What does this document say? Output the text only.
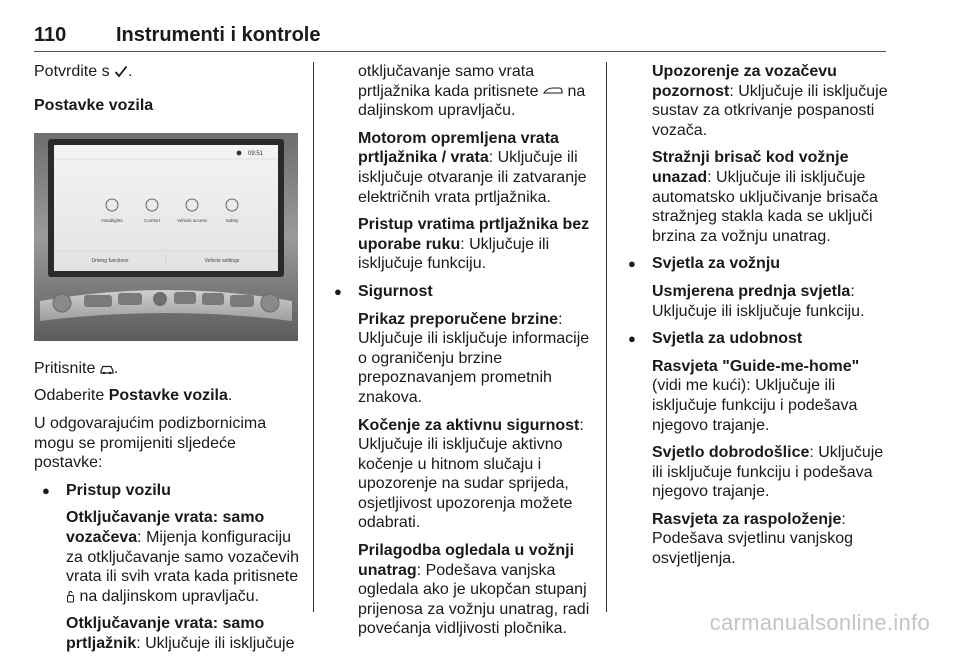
110 Instrumenti i kontrole

Potvrdite s .

Postavke vozila

09:51
Headlights	Comfort	Vehicle access	Safety
Driving functions	Vehicle settings

Pritisnite .

Odaberite Postavke vozila.

U odgovarajućim podizbornicima mogu se promijeniti sljedeće postavke:

● Pristup vozilu

Otključavanje vrata: samo vozačeva: Mijenja konfiguraciju za otključavanje samo vozačevih vrata ili svih vrata kada pritisnete  na daljinskom upravljaču.

Otključavanje vrata: samo prtljažnik: Uključuje ili isključuje

otključavanje samo vrata prtljažnika kada pritisnete na daljinskom upravljaču.

Motorom opremljena vrata prtljažnika / vrata: Uključuje ili isključuje otvaranje ili zatvaranje električnih vrata prtljažnika.

Pristup vratima prtljažnika bez uporabe ruku: Uključuje ili isključuje funkciju.

● Sigurnost

Prikaz preporučene brzine: Uključuje ili isključuje informacije o ograničenju brzine prepoznavanjem prometnih znakova.

Kočenje za aktivnu sigurnost: Uključuje ili isključuje aktivno kočenje u hitnom slučaju i upozorenje na sudar sprijeda, osjetljivost upozorenja možete odabrati.

Prilagodba ogledala u vožnji unatrag: Podešava vanjska ogledala ako je ukopčan stupanj prijenosa za vožnju unatrag, radi povećanja vidljivosti pločnika.

Upozorenje za vozačevu pozornost: Uključuje ili isključuje sustav za otkrivanje pospanosti vozača.

Stražnji brisač kod vožnje unazad: Uključuje ili isključuje automatsko uključivanje brisača stražnjeg stakla kada se uključi brzina za vožnju unatrag.

● Svjetla za vožnju

Usmjerena prednja svjetla: Uključuje ili isključuje funkciju.

● Svjetla za udobnost

Rasvjeta "Guide-me-home" (vidi me kući): Uključuje ili isključuje funkciju i podešava njegovo trajanje.

Svjetlo dobrodošlice: Uključuje ili isključuje funkciju i podešava njegovo trajanje.

Rasvjeta za raspoloženje: Podešava svjetlinu vanjskog osvjetljenja.

carmanualsonline.info
